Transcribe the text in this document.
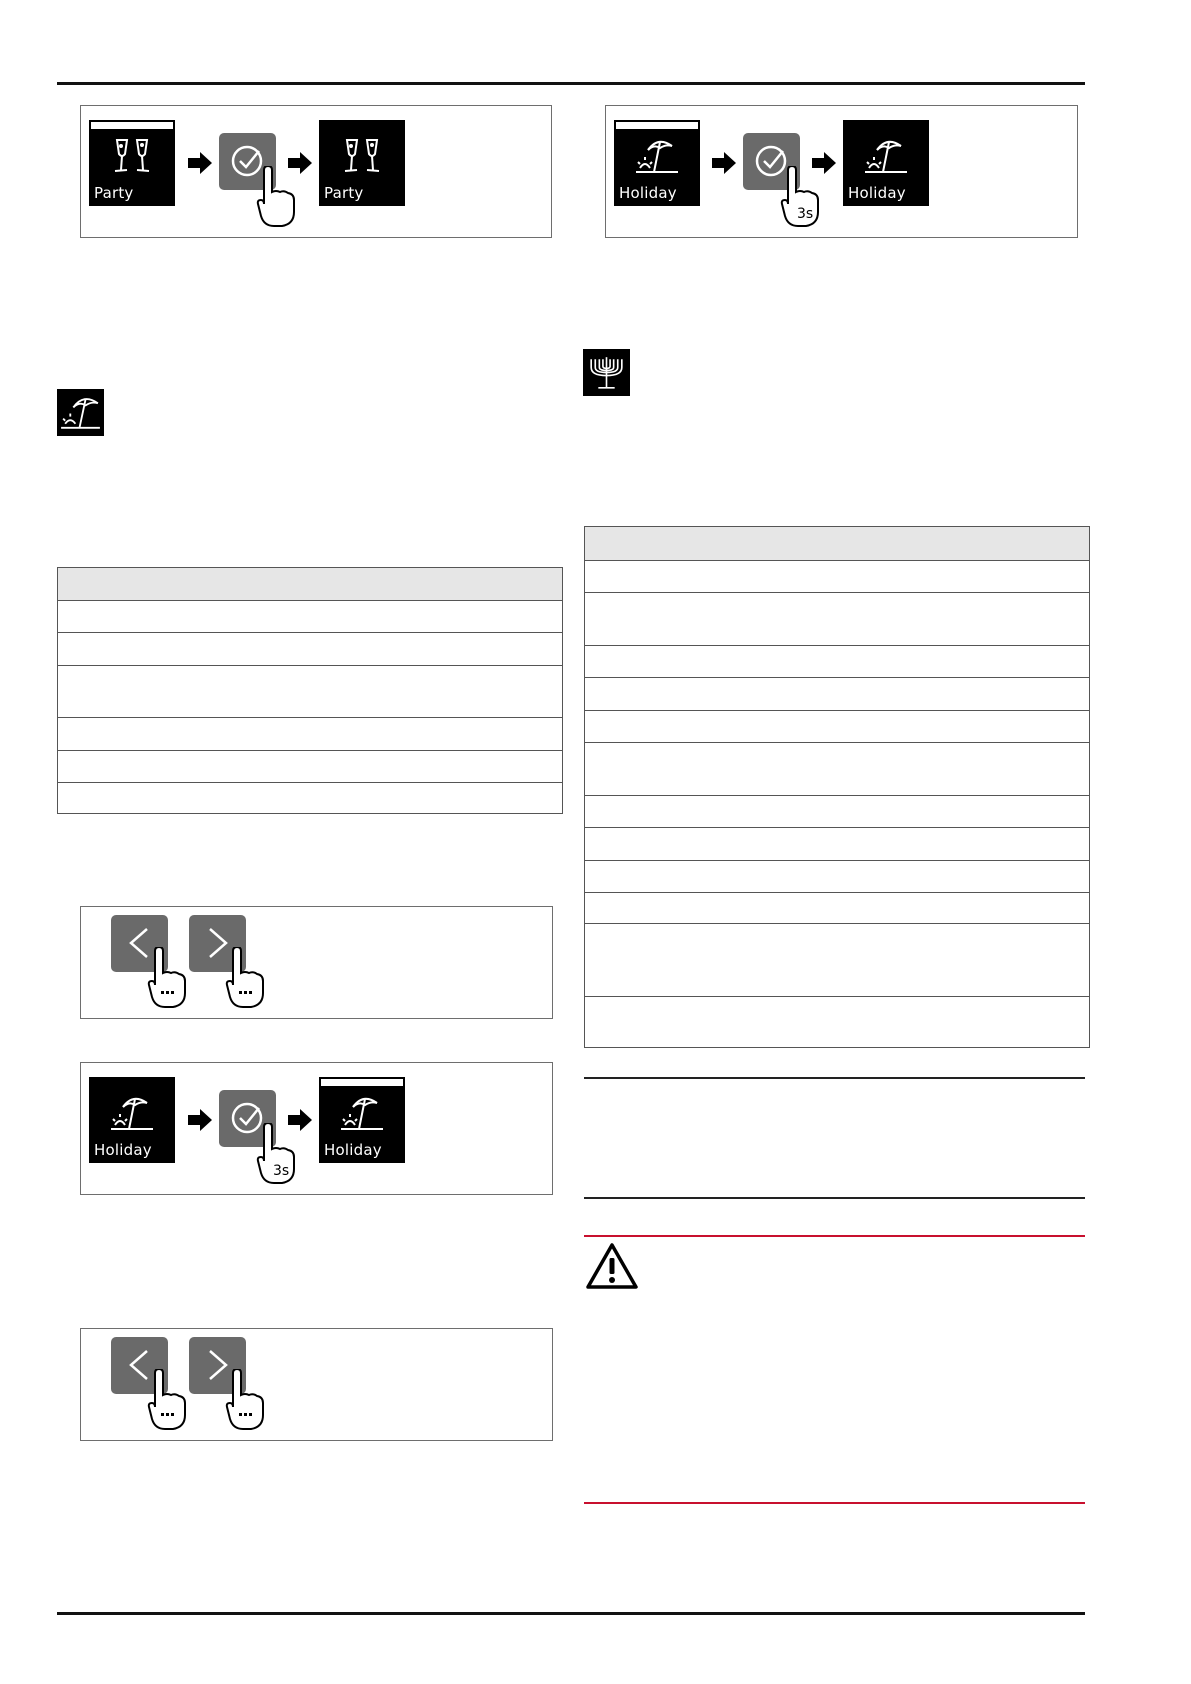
Party	Party	Holiday
3s
Holiday
Holiday
3s
Holiday
